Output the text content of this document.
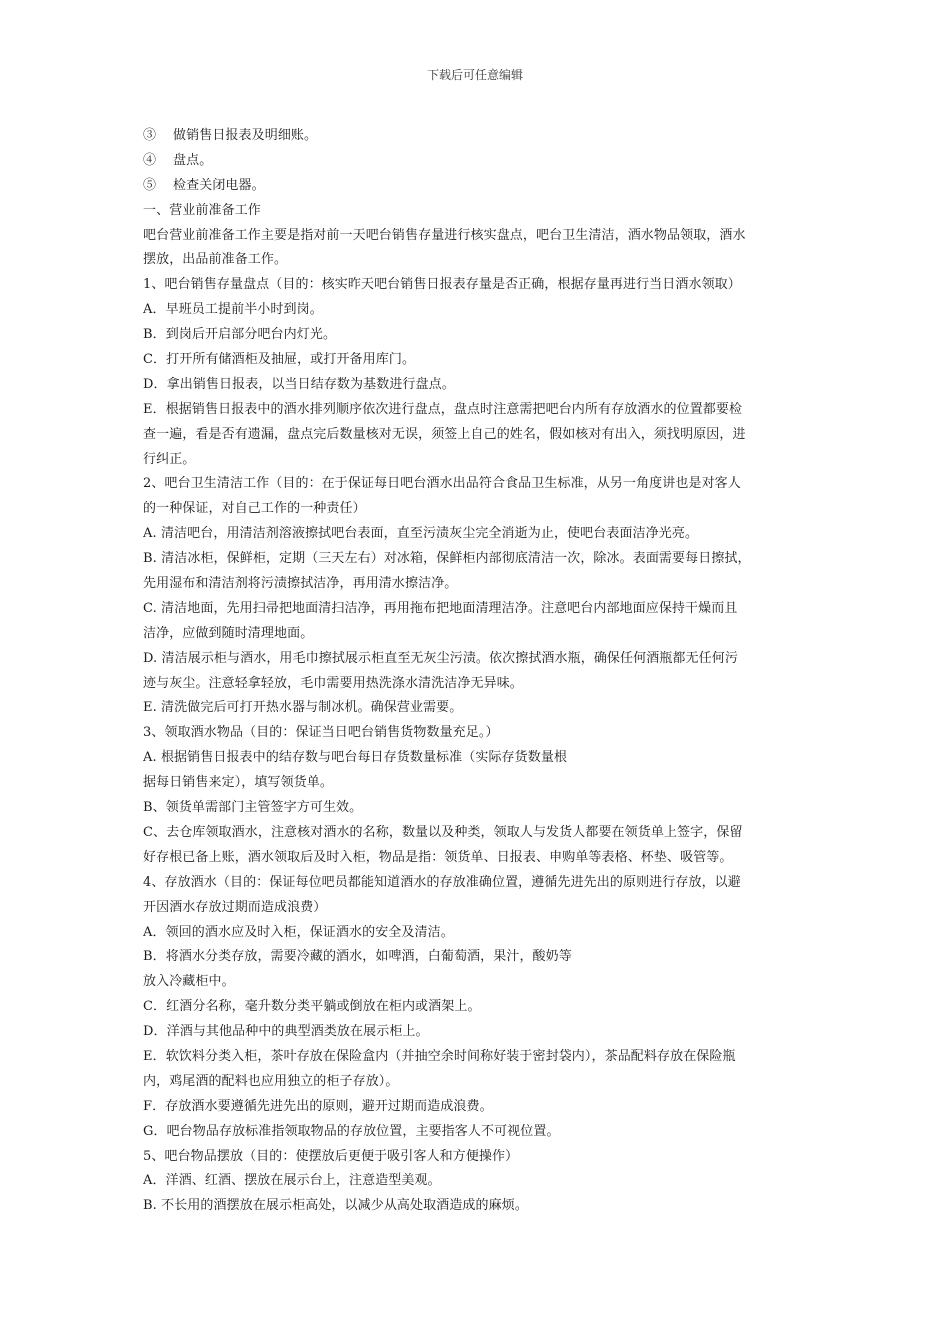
下载后可任意编辑
③    做销售日报表及明细账。
④    盘点。
⑤    检查关闭电器。
一、营业前准备工作
吧台营业前准备工作主要是指对前一天吧台销售存量进行核实盘点，吧台卫生清洁，酒水物品领取，酒水
摆放，出品前准备工作。
1、吧台销售存量盘点（目的：核实昨天吧台销售日报表存量是否正确，根据存量再进行当日酒水领取）
A．早班员工提前半小时到岗。
B．到岗后开启部分吧台内灯光。
C．打开所有储酒柜及抽屉，或打开备用库门。
D．拿出销售日报表，以当日结存数为基数进行盘点。
E．根据销售日报表中的酒水排列顺序依次进行盘点，盘点时注意需把吧台内所有存放酒水的位置都要检
查一遍，看是否有遗漏，盘点完后数量核对无误，须签上自己的姓名，假如核对有出入，须找明原因，进
行纠正。
2、吧台卫生清洁工作（目的：在于保证每日吧台酒水出品符合食品卫生标准，从另一角度讲也是对客人
的一种保证，对自己工作的一种责任）
A. 清洁吧台，用清洁剂溶液擦拭吧台表面，直至污渍灰尘完全消逝为止，使吧台表面洁净光亮。
B. 清洁冰柜，保鲜柜，定期（三天左右）对冰箱，保鲜柜内部彻底清洁一次，除冰。表面需要每日擦拭，
先用湿布和清洁剂将污渍擦拭洁净，再用清水擦洁净。
C. 清洁地面，先用扫帚把地面清扫洁净，再用拖布把地面清理洁净。注意吧台内部地面应保持干燥而且
洁净，应做到随时清理地面。
D. 清洁展示柜与酒水，用毛巾擦拭展示柜直至无灰尘污渍。依次擦拭酒水瓶，确保任何酒瓶都无任何污
迹与灰尘。注意轻拿轻放，毛巾需要用热洗涤水清洗洁净无异味。
E. 清洗做完后可打开热水器与制冰机。确保营业需要。
3、领取酒水物品（目的：保证当日吧台销售货物数量充足。）
A. 根据销售日报表中的结存数与吧台每日存货数量标准（实际存货数量根
据每日销售来定），填写领货单。
B、领货单需部门主管签字方可生效。
C、去仓库领取酒水，注意核对酒水的名称，数量以及种类，领取人与发货人都要在领货单上签字，保留
好存根已备上账，酒水领取后及时入柜，物品是指：领货单、日报表、申购单等表格、杯垫、吸管等。
4、存放酒水（目的：保证每位吧员都能知道酒水的存放准确位置，遵循先进先出的原则进行存放，以避
开因酒水存放过期而造成浪费）
A．领回的酒水应及时入柜，保证酒水的安全及清洁。
B．将酒水分类存放，需要冷藏的酒水，如啤酒，白葡萄酒，果汁，酸奶等
放入冷藏柜中。
C．红酒分名称，毫升数分类平躺或倒放在柜内或酒架上。
D．洋酒与其他品种中的典型酒类放在展示柜上。
E．软饮料分类入柜，茶叶存放在保险盒内（并抽空余时间称好装于密封袋内），茶品配料存放在保险瓶
内，鸡尾酒的配料也应用独立的柜子存放）。
F．存放酒水要遵循先进先出的原则，避开过期而造成浪费。
G．吧台物品存放标准指领取物品的存放位置，主要指客人不可视位置。
5、吧台物品摆放（目的：使摆放后更便于吸引客人和方便操作）
A．洋酒、红酒、摆放在展示台上，注意造型美观。
B. 不长用的酒摆放在展示柜高处，以减少从高处取酒造成的麻烦。
